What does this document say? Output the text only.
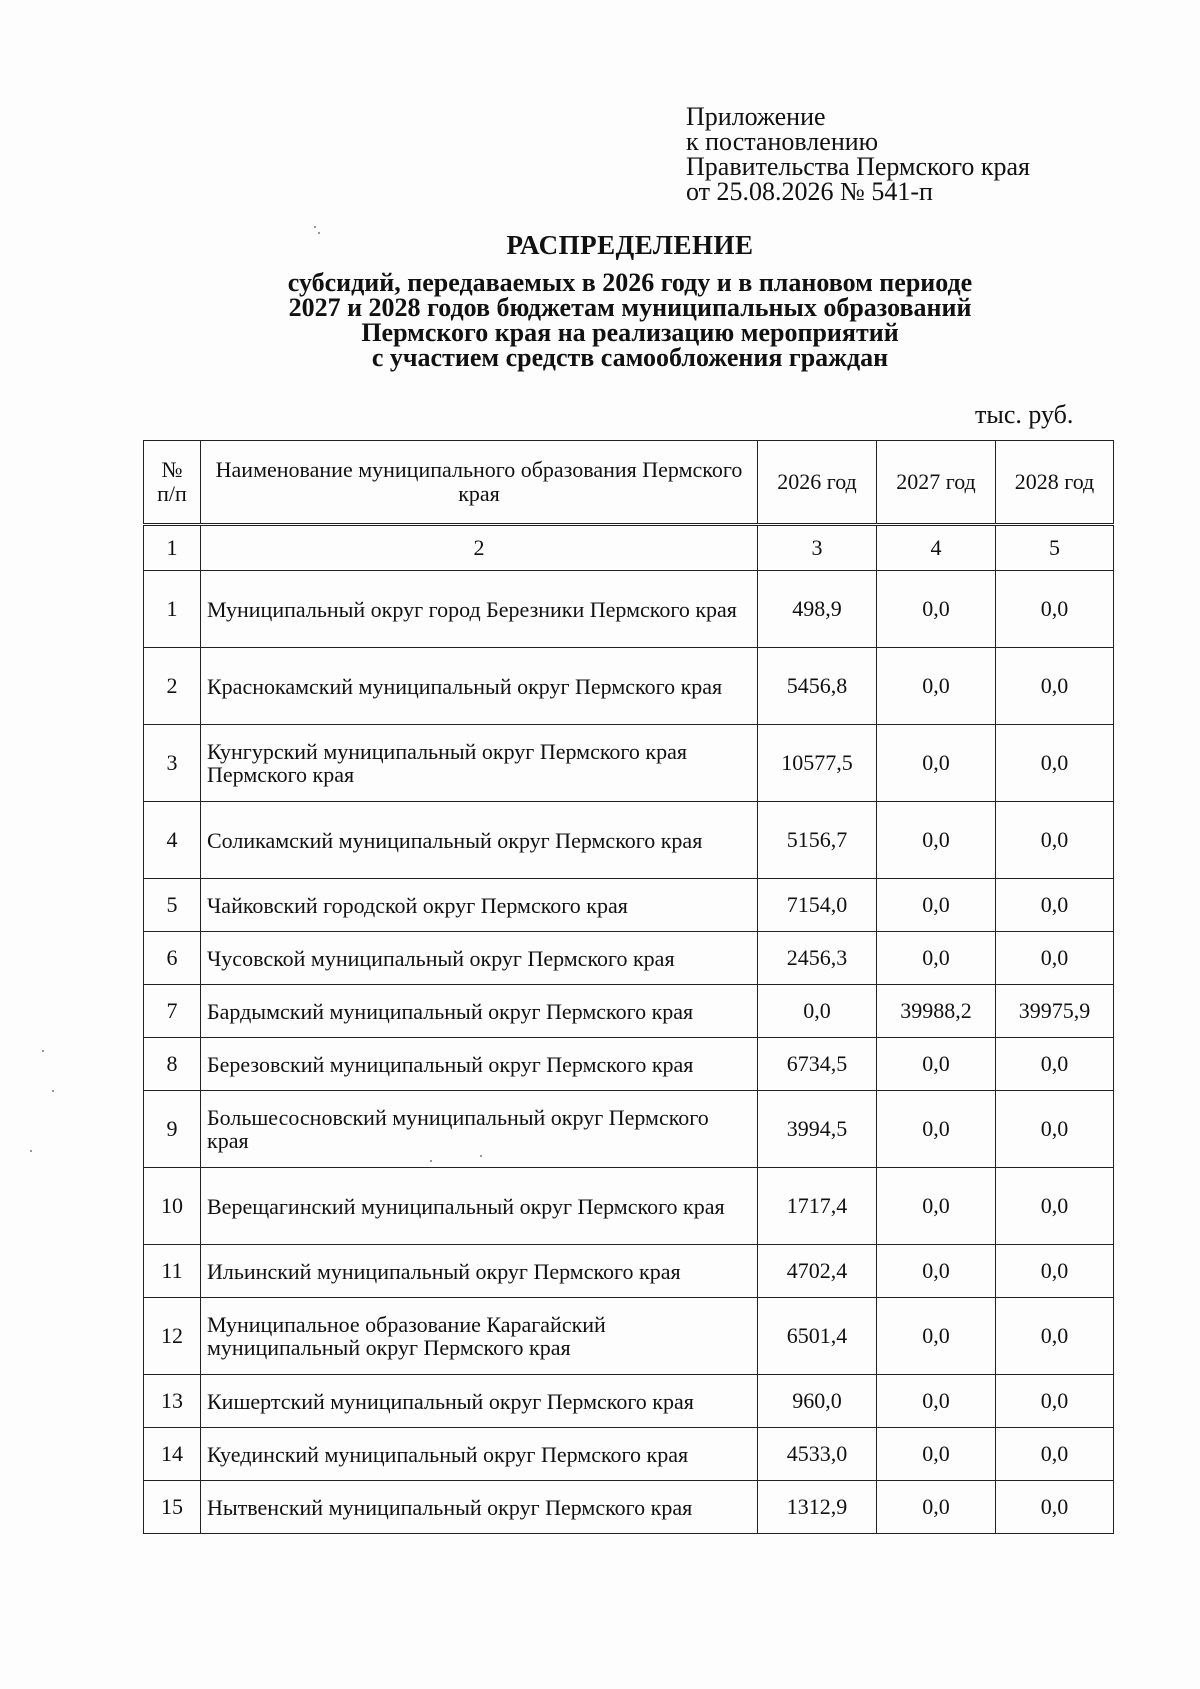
Приложение
к постановлению
Правительства Пермского края
от 25.08.2026 № 541-п
РАСПРЕДЕЛЕНИЕ
субсидий, передаваемых в 2026 году и в плановом периоде
2027 и 2028 годов бюджетам муниципальных образований
Пермского края на реализацию мероприятий
с участием средств самообложения граждан
тыс. руб.
№ п/п	Наименование муниципального образования Пермского края	2026 год	2027 год	2028 год
1	2	3	4	5
1	Муниципальный округ город Березники Пермского края	498,9	0,0	0,0
2	Краснокамский муниципальный округ Пермского края	5456,8	0,0	0,0
3	Кунгурский муниципальный округ Пермского края Пермского края	10577,5	0,0	0,0
4	Соликамский муниципальный округ Пермского края	5156,7	0,0	0,0
5	Чайковский городской округ Пермского края	7154,0	0,0	0,0
6	Чусовской муниципальный округ Пермского края	2456,3	0,0	0,0
7	Бардымский муниципальный округ Пермского края	0,0	39988,2	39975,9
8	Березовский муниципальный округ Пермского края	6734,5	0,0	0,0
9	Большесосновский муниципальный округ Пермского края	3994,5	0,0	0,0
10	Верещагинский муниципальный округ Пермского края	1717,4	0,0	0,0
11	Ильинский муниципальный округ Пермского края	4702,4	0,0	0,0
12	Муниципальное образование Карагайский муниципальный округ Пермского края	6501,4	0,0	0,0
13	Кишертский муниципальный округ Пермского края	960,0	0,0	0,0
14	Куединский муниципальный округ Пермского края	4533,0	0,0	0,0
15	Нытвенский муниципальный округ Пермского края	1312,9	0,0	0,0
